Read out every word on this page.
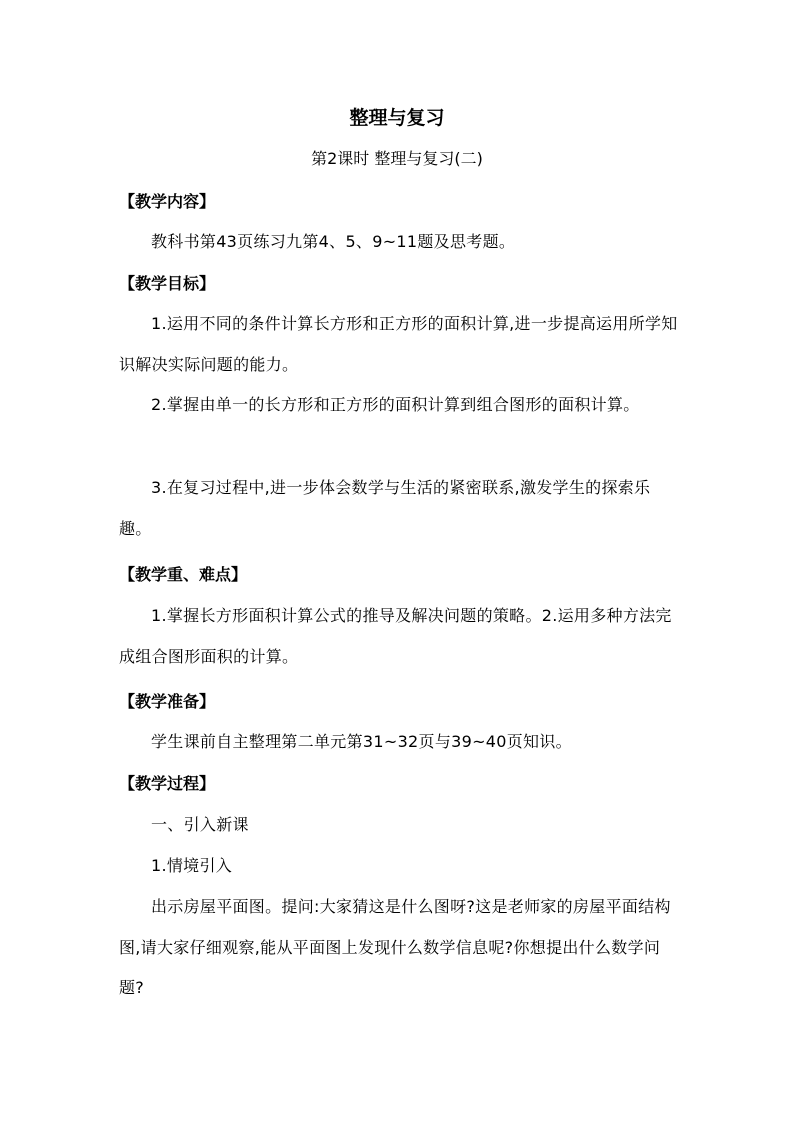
整理与复习

第2课时 整理与复习(二)

【教学内容】

教科书第43页练习九第4、5、9~11题及思考题。

【教学目标】

1.运用不同的条件计算长方形和正方形的面积计算,进一步提高运用所学知识解决实际问题的能力。

2.掌握由单一的长方形和正方形的面积计算到组合图形的面积计算。

3.在复习过程中,进一步体会数学与生活的紧密联系,激发学生的探索乐趣。

【教学重、难点】

1.掌握长方形面积计算公式的推导及解决问题的策略。2.运用多种方法完成组合图形面积的计算。

【教学准备】

学生课前自主整理第二单元第31~32页与39~40页知识。

【教学过程】

一、引入新课

1.情境引入

出示房屋平面图。提问:大家猜这是什么图呀?这是老师家的房屋平面结构图,请大家仔细观察,能从平面图上发现什么数学信息呢?你想提出什么数学问题?
